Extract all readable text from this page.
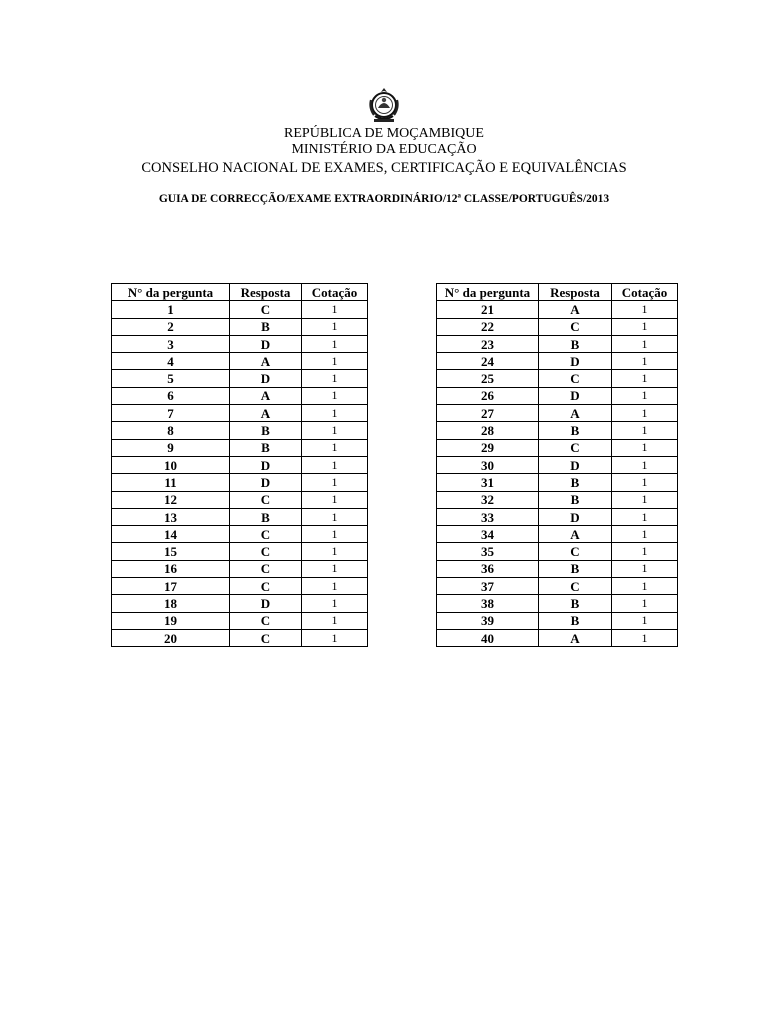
REPÚBLICA DE MOÇAMBIQUE
MINISTÉRIO DA EDUCAÇÃO
CONSELHO NACIONAL DE EXAMES, CERTIFICAÇÃO E EQUIVALÊNCIAS
GUIA DE CORRECÇÃO/EXAME EXTRAORDINÁRIO/12ª CLASSE/PORTUGUÊS/2013
N° da pergunta	Resposta	Cotação
1	C	1
2	B	1
3	D	1
4	A	1
5	D	1
6	A	1
7	A	1
8	B	1
9	B	1
10	D	1
11	D	1
12	C	1
13	B	1
14	C	1
15	C	1
16	C	1
17	C	1
18	D	1
19	C	1
20	C	1
N° da pergunta	Resposta	Cotação
21	A	1
22	C	1
23	B	1
24	D	1
25	C	1
26	D	1
27	A	1
28	B	1
29	C	1
30	D	1
31	B	1
32	B	1
33	D	1
34	A	1
35	C	1
36	B	1
37	C	1
38	B	1
39	B	1
40	A	1
